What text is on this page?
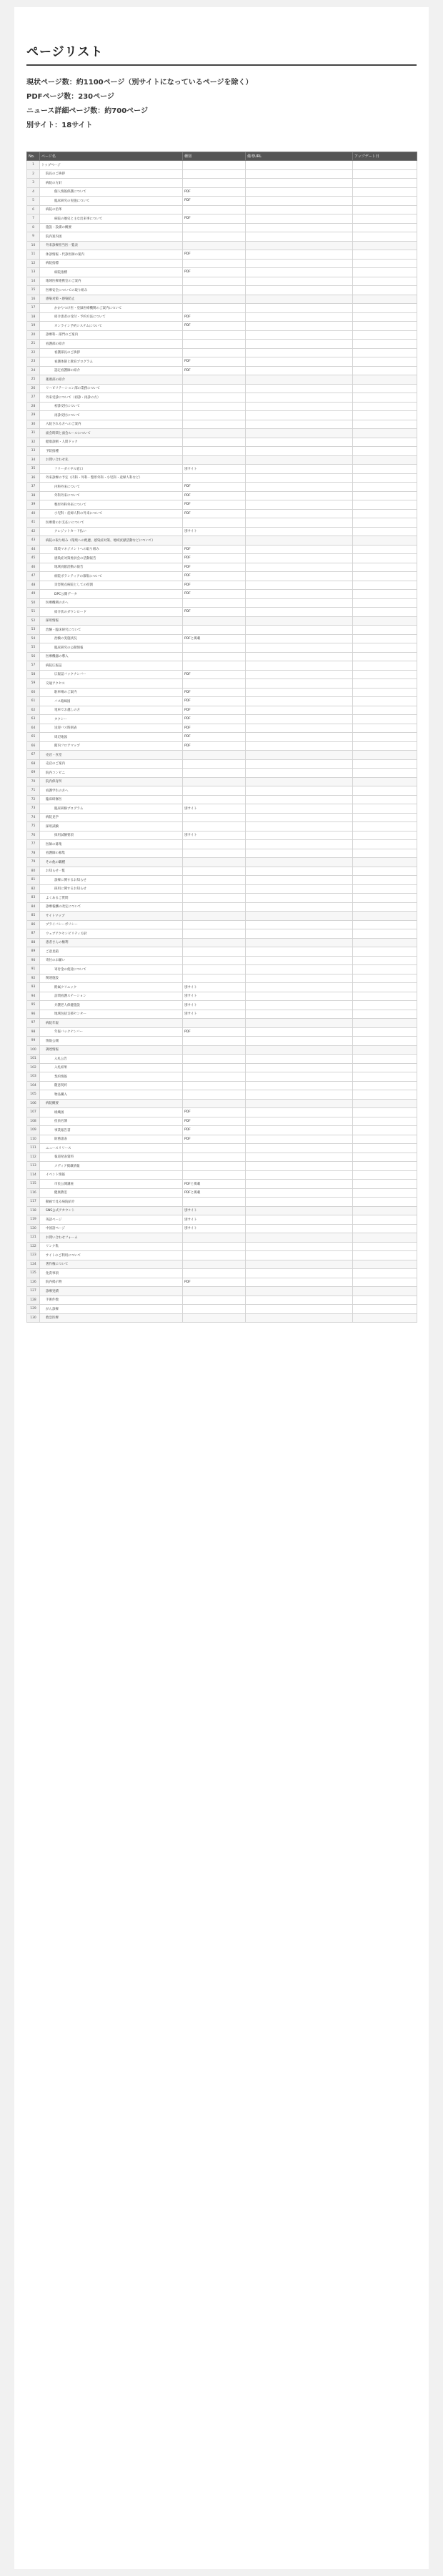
ページリスト
現状ページ数：約1100ページ（別サイトになっているページを除く）
PDFページ数：230ページ
ニュース詳細ページ数：約700ページ
別サイト：18サイト
No.	ページ名	種別	備考URL	アップデート日
1	トップページ			
2	院長のご挨拶			
3	病院の方針			
4	個人情報保護について	PDF		
5	臨床研究の実施について	PDF		
6	病院の沿革			
7	病院の歴史と主な出来事について	PDF		
8	施設・設備の概要			
9	院内案内図			
10	外来診療担当医一覧表			
11	休診情報・代診医師の案内	PDF		
12	病院指標			
13	病院指標	PDF		
14	地域医療連携室のご案内			
15	医療安全についての取り組み			
16	感染対策・感染防止			
17	かかりつけ医・登録医療機関のご案内について			
18	紹介患者の受付・予約方法について	PDF		
19	オンライン予約システムについて	PDF		
20	診療科・部門のご案内			
21	看護部の紹介			
22	看護部長のご挨拶			
23	看護体制と教育プログラム	PDF		
24	認定看護師の紹介	PDF		
25	薬剤部の紹介			
26	リハビリテーション部の業務について			
27	外来受診について（初診・再診の方）			
28	初診受付について			
29	再診受付について			
30	入院される方へのご案内			
31	面会時間と面会ルールについて			
32	健康診断・人間ドック			
33	予防接種			
34	お問い合わせ先			
35	フリーダイヤル窓口	別サイト		
36	外来診療の予定（内科・外科・整形外科・小児科・産婦人科など）			
37	内科外来について	PDF		
38	外科外来について	PDF		
39	整形外科外来について	PDF		
40	小児科・産婦人科の外来について	PDF		
41	医療費のお支払いについて			
42	クレジットカード払い	別サイト		
43	病院の取り組み（環境への配慮、感染症対策、地域貢献活動などについて）			
44	環境マネジメントへの取り組み	PDF		
45	感染症対策委員会の活動報告	PDF		
46	地域貢献活動の報告	PDF		
47	病院ボランティアの募集について	PDF		
48	災害拠点病院としての役割	PDF		
49	DPC公開データ	PDF		
50	医療機関の方へ			
51	紹介状のダウンロード	PDF		
52	採用情報			
53	治験・臨床研究について			
54	治験の実施状況	PDFと掲載		
55	臨床研究の公開情報			
56	医療機器の導入			
57	病院広報誌			
58	広報誌バックナンバー	PDF		
59	交通アクセス			
60	駐車場のご案内	PDF		
61	バス路線図	PDF		
62	電車でお越しの方	PDF		
63	タクシー	PDF		
64	送迎バス時刻表	PDF		
65	周辺地図	PDF		
66	館内フロアマップ	PDF		
67	売店・食堂			
68	売店のご案内			
69	院内コンビニ			
70	院内保育所			
71	看護学生の方へ			
72	臨床研修医			
73	臨床研修プログラム	別サイト		
74	病院見学			
75	採用試験			
76	採用試験要項	別サイト		
77	医師の募集			
78	看護師の募集			
79	その他の職種			
80	お知らせ一覧			
81	診療に関するお知らせ			
82	採用に関するお知らせ			
83	よくあるご質問			
84	診療報酬の改定について			
85	サイトマップ			
86	プライバシーポリシー			
87	ウェブアクセシビリティ方針			
88	患者さんの権利			
89	ご意見箱			
90	寄付のお願い			
91	寄付金の使途について			
92	関連施設			
93	附属クリニック	別サイト		
94	訪問看護ステーション	別サイト		
95	介護老人保健施設	別サイト		
96	地域包括支援センター	別サイト		
97	病院年報			
98	年報バックナンバー	PDF		
99	情報公開			
100	調達情報			
101	入札公告			
102	入札結果			
103	契約情報			
104	随意契約			
105	物品購入			
106	病院概要			
107	組織図	PDF		
108	役員名簿	PDF		
109	事業報告書	PDF		
110	財務諸表	PDF		
111	ニュースリリース			
112	報道発表資料			
113	メディア掲載情報			
114	イベント情報			
115	市民公開講座	PDFと掲載		
116	健康教室	PDFと掲載		
117	動画で見る病院紹介			
118	SNS公式アカウント	別サイト		
119	英語ページ	別サイト		
120	中国語ページ	別サイト		
121	お問い合わせフォーム			
122	リンク集			
123	サイトのご利用について			
124	著作権について			
125	免責事項			
126	院内掲示物	PDF		
127	診療実績			
128	手術件数			
129	がん診療			
130	救急医療			
